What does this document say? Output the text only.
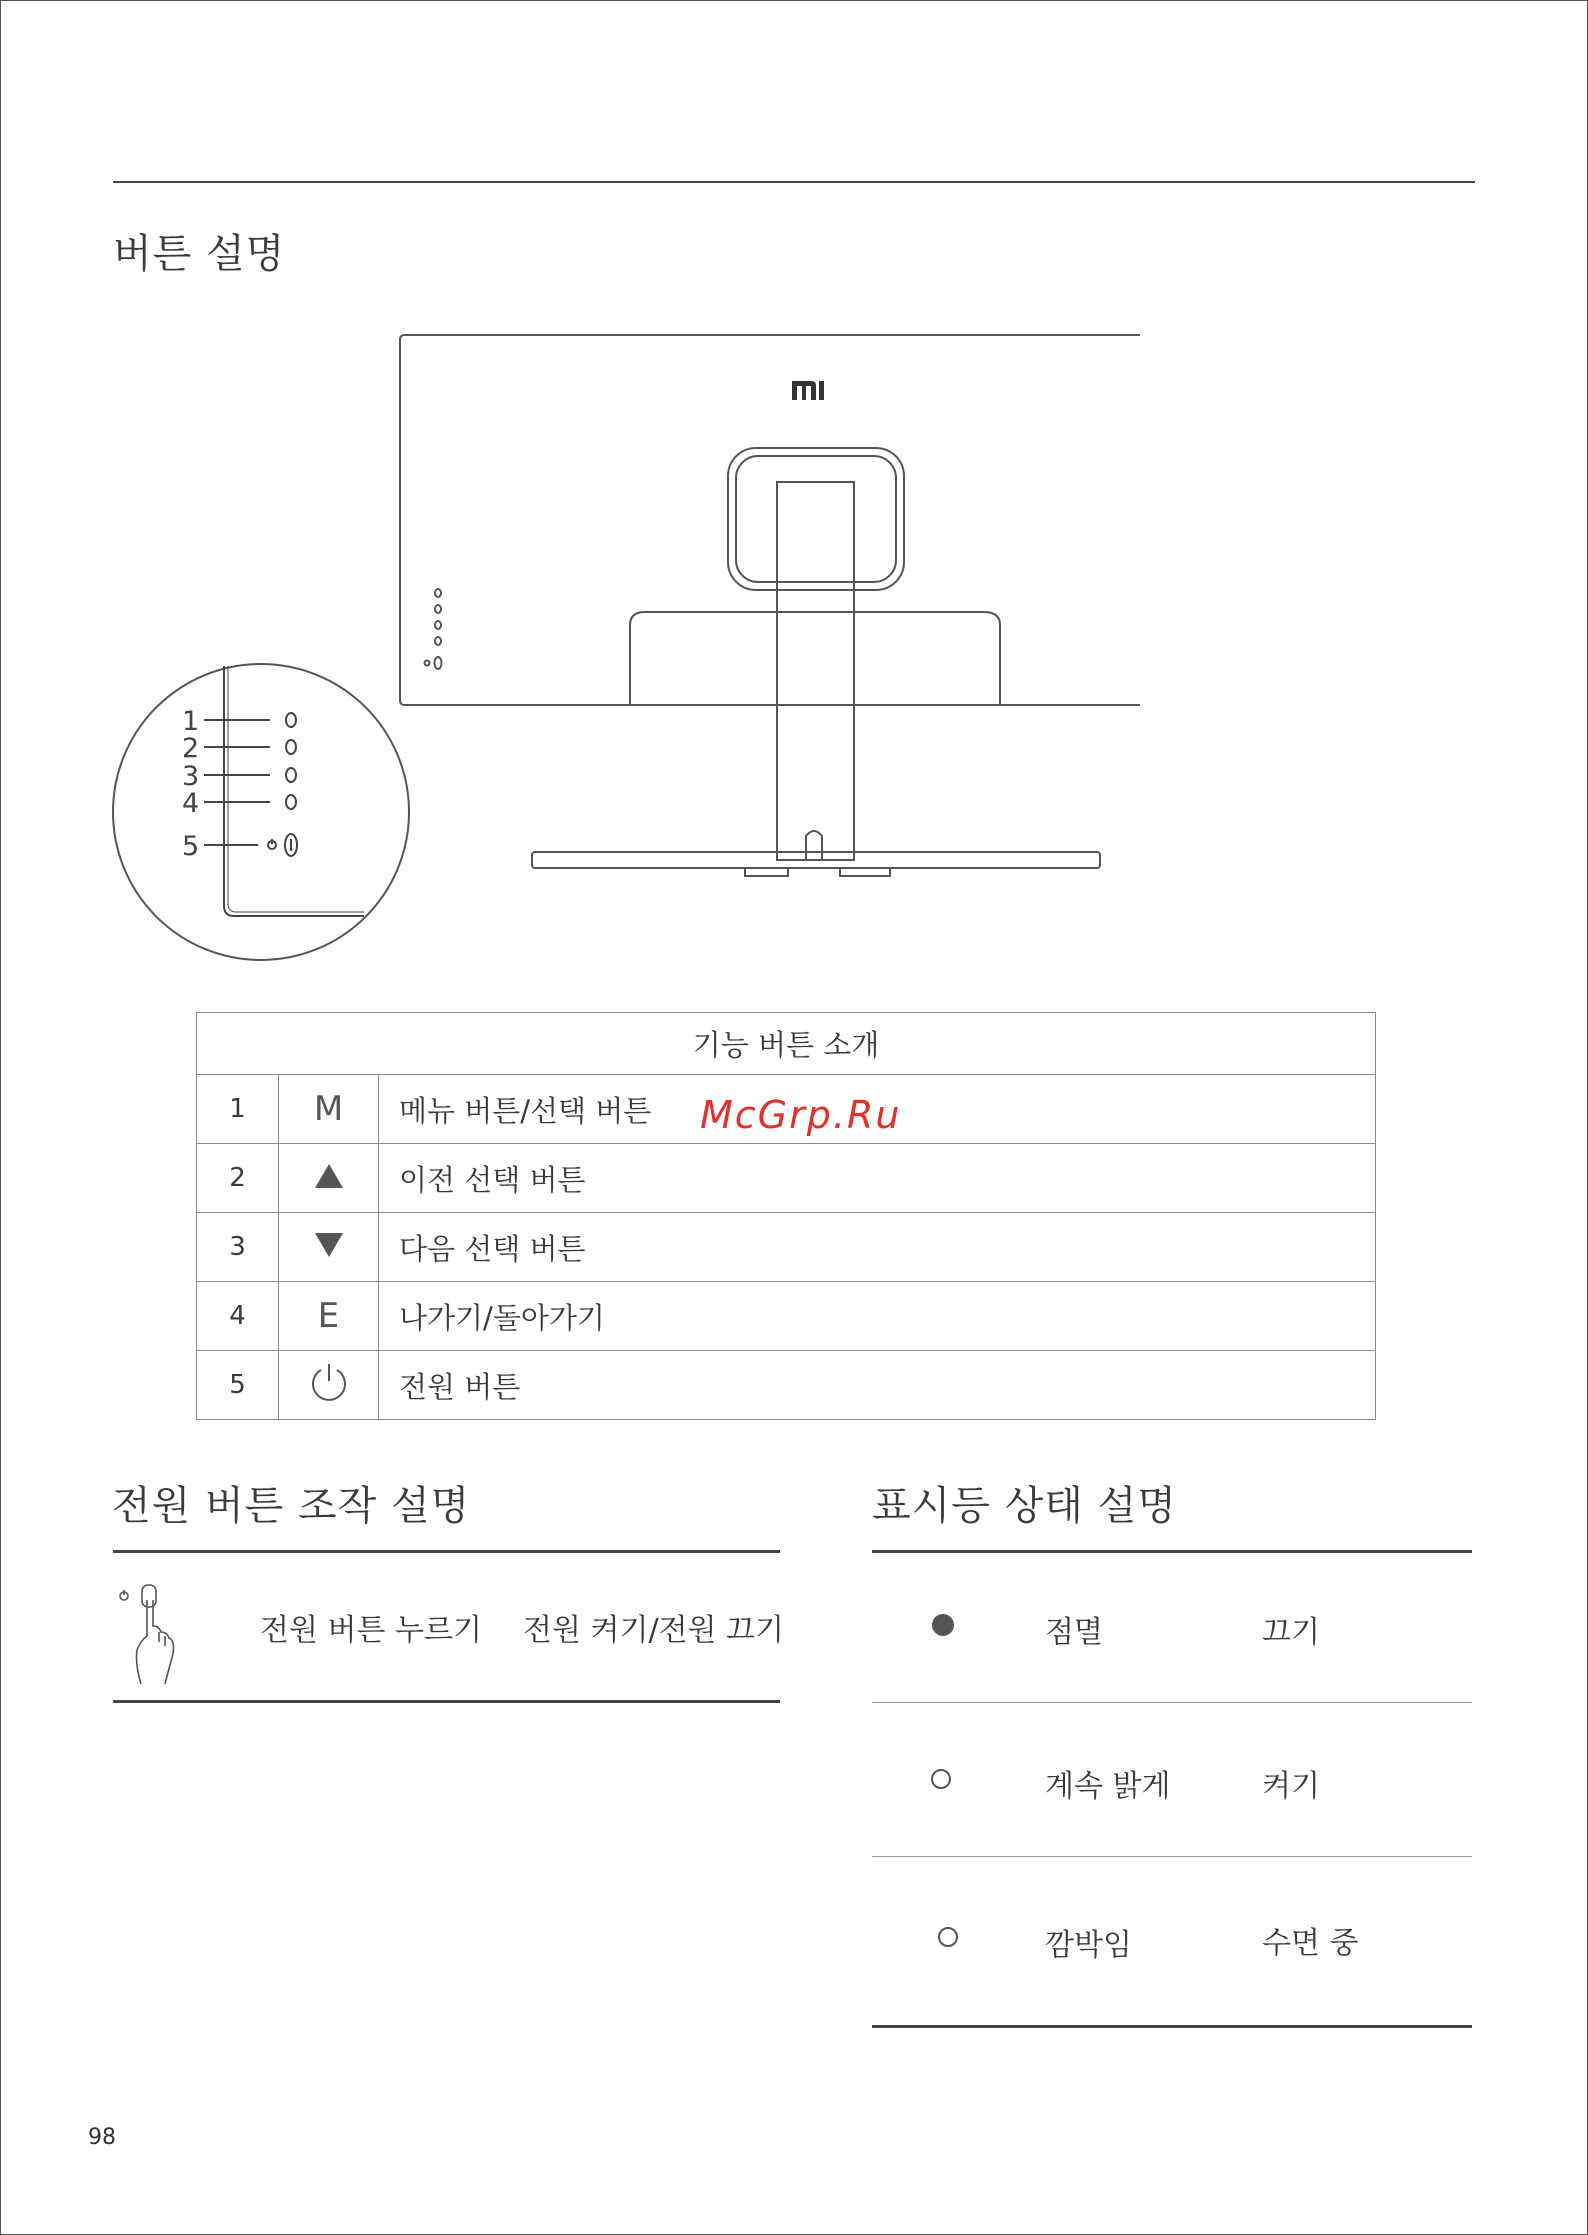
버튼 설명
1
2
3
4
5
기능 버튼 소개		
1	M	메뉴 버튼/선택 버튼
2		이전 선택 버튼
3		다음 선택 버튼
4	E	나가기/돌아가기
5		전원 버튼
McGrp.Ru
전원 버튼 조작 설명
전원 버튼 누르기 전원 켜기/전원 끄기
표시등 상태 설명
점멸	끄기
계속 밝게	켜기
깜박임	수면 중
98
